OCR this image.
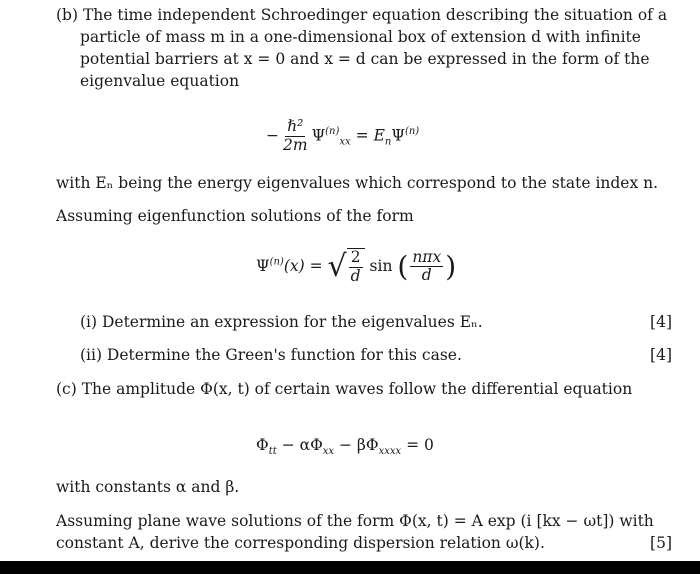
(b) The time independent Schroedinger equation describing the situation of a
particle of mass m in a one-dimensional box of extension d with infinite
potential barriers at x = 0 and x = d can be expressed in the form of the
eigenvalue equation
− $\frac{\text{ℏ²}}{2m} \Psi^{(n)}_{xx} = E_n\Psi^{(n)}$
with Eₙ being the energy eigenvalues which correspond to the state index n.
Assuming eigenfunction solutions of the form
$\Psi^{(n)}(x)$ = √ $\frac{2}{d}$ sin ( $\frac{\text{nπx}}{d}$ )
(i) Determine an expression for the eigenvalues Eₙ.	[4]
(ii) Determine the Green's function for this case.	[4]
(c) The amplitude Φ(x, t) of certain waves follow the differential equation
$\Phi_{tt} - \alpha\Phi_{xx} - \beta\Phi_{xxxx} = 0$
with constants α and β.
Assuming plane wave solutions of the form Φ(x, t) = A exp (i [kx − ωt]) with
constant A, derive the corresponding dispersion relation ω(k).	[5]
